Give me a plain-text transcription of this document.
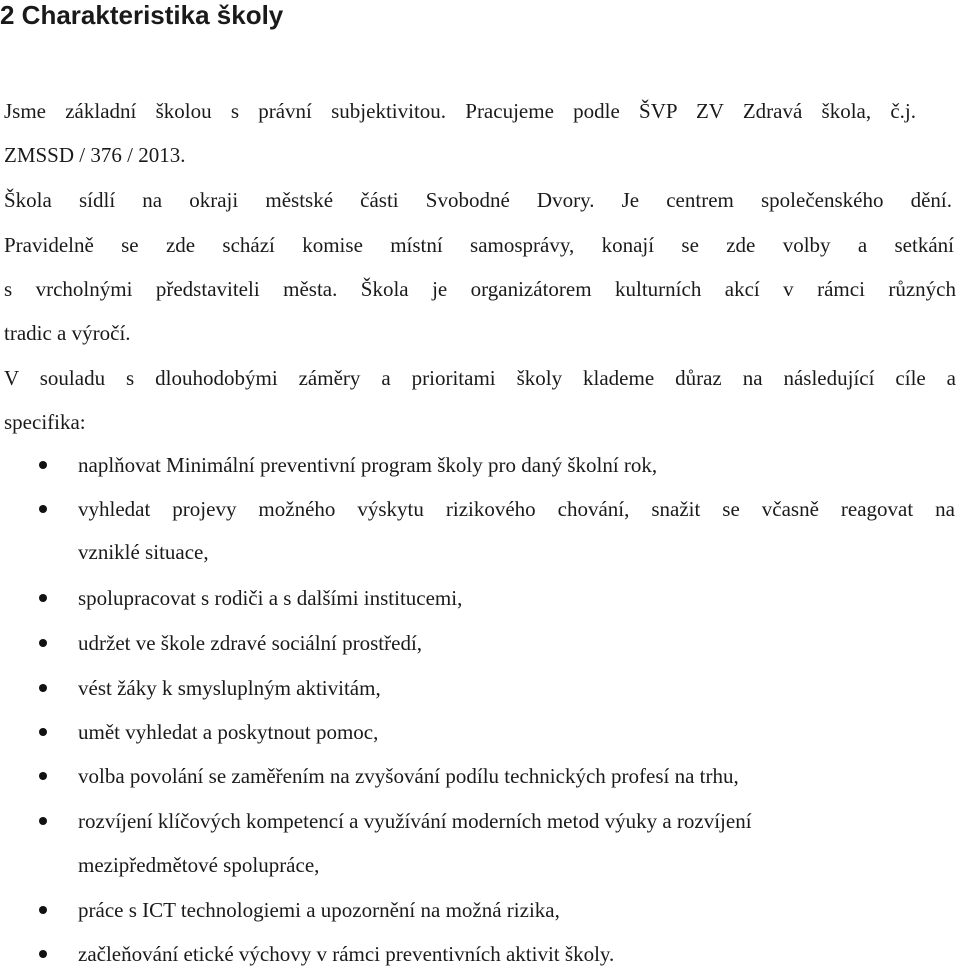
2 Charakteristika školy
Jsme základní školou s právní subjektivitou. Pracujeme podle ŠVP ZV Zdravá škola, č.j.
ZMSSD / 376 / 2013.
Škola sídlí na okraji městské části Svobodné Dvory. Je centrem společenského dění.
Pravidelně se zde schází komise místní samosprávy, konají se zde volby a setkání
s vrcholnými představiteli města. Škola je organizátorem kulturních akcí v rámci různých
tradic a výročí.
V souladu s dlouhodobými záměry a prioritami školy klademe důraz na následující cíle a
specifika:
naplňovat Minimální preventivní program školy pro daný školní rok,
vyhledat projevy možného výskytu rizikového chování, snažit se včasně reagovat na
vzniklé situace,
spolupracovat s rodiči a s dalšími institucemi,
udržet ve škole zdravé sociální prostředí,
vést žáky k smysluplným aktivitám,
umět vyhledat a poskytnout pomoc,
volba povolání se zaměřením na zvyšování podílu technických profesí na trhu,
rozvíjení klíčových kompetencí a využívání moderních metod výuky a rozvíjení
mezipředmětové spolupráce,
práce s ICT technologiemi a upozornění na možná rizika,
začleňování etické výchovy v rámci preventivních aktivit školy.
